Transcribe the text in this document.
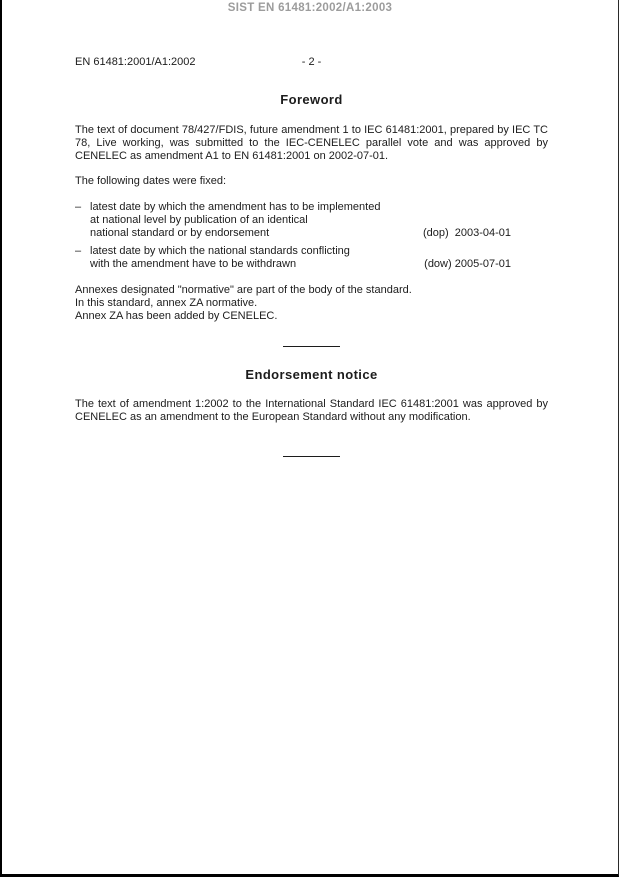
SIST EN 61481:2002/A1:2003
EN 61481:2001/A1:2002	- 2 -
Foreword

The text of document 78/427/FDIS, future amendment 1 to IEC 61481:2001, prepared by IEC TC 78, Live working, was submitted to the IEC-CENELEC parallel vote and was approved by CENELEC as amendment A1 to EN 61481:2001 on 2002-07-01.

The following dates were fixed:

– latest date by which the amendment has to be implemented
at national level by publication of an identical
national standard or by endorsement	(dop)  2003-04-01
– latest date by which the national standards conflicting
with the amendment have to be withdrawn	(dow) 2005-07-01

Annexes designated "normative" are part of the body of the standard.

In this standard, annex ZA normative.

Annex ZA has been added by CENELEC.

Endorsement notice

The text of amendment 1:2002 to the International Standard IEC 61481:2001 was approved by CENELEC as an amendment to the European Standard without any modification.
